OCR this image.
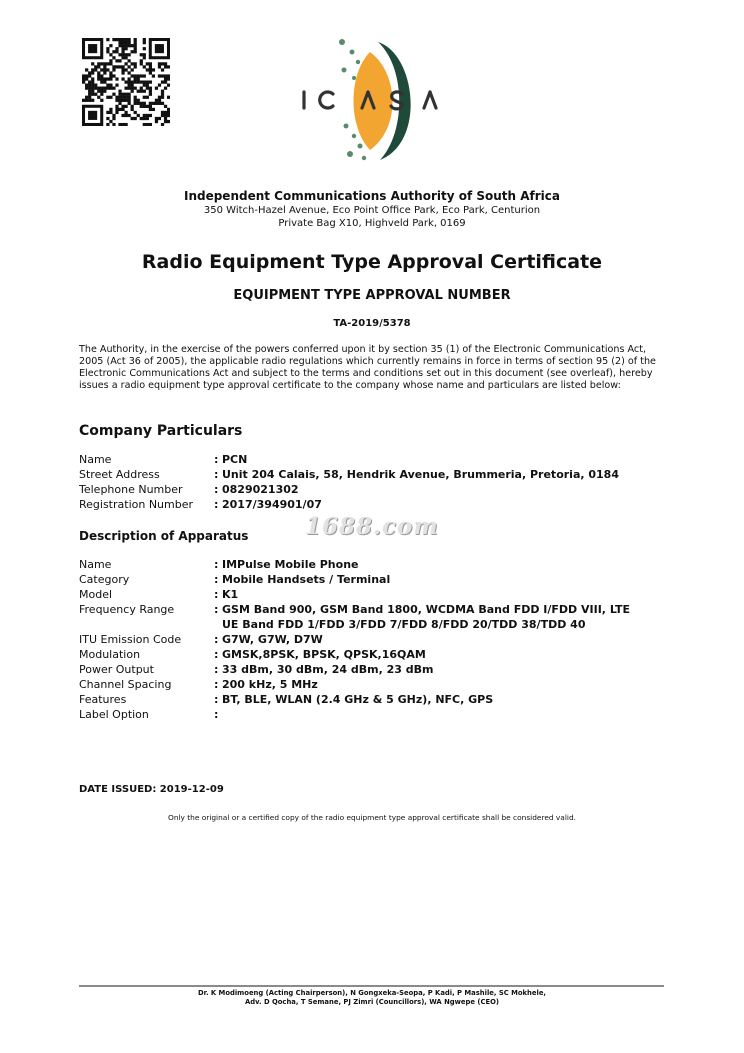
Independent Communications Authority of South Africa
350 Witch-Hazel Avenue, Eco Point Office Park, Eco Park, Centurion
Private Bag X10, Highveld Park, 0169
Radio Equipment Type Approval Certificate
EQUIPMENT TYPE APPROVAL NUMBER
TA-2019/5378
The Authority, in the exercise of the powers conferred upon it by section 35 (1) of the Electronic Communications Act, 2005 (Act 36 of 2005), the applicable radio regulations which currently remains in force in terms of section 95 (2) of the Electronic Communications Act and subject to the terms and conditions set out in this document (see overleaf), hereby issues a radio equipment type approval certificate to the company whose name and particulars are listed below:
Company Particulars
Name	: PCN
Street Address	: Unit 204 Calais, 58, Hendrik Avenue, Brummeria, Pretoria, 0184
Telephone Number	: 0829021302
Registration Number	: 2017/394901/07
1688.com
Description of Apparatus
Name	: IMPulse Mobile Phone
Category	: Mobile Handsets / Terminal
Model	: K1
Frequency Range	: GSM Band 900, GSM Band 1800, WCDMA Band FDD I/FDD VIII, LTE
UE Band FDD 1/FDD 3/FDD 7/FDD 8/FDD 20/TDD 38/TDD 40
ITU Emission Code	: G7W, G7W, D7W
Modulation	: GMSK,8PSK, BPSK, QPSK,16QAM
Power Output	: 33 dBm, 30 dBm, 24 dBm, 23 dBm
Channel Spacing	: 200 kHz, 5 MHz
Features	: BT, BLE, WLAN (2.4 GHz & 5 GHz), NFC, GPS
Label Option	:
DATE ISSUED: 2019-12-09
Only the original or a certified copy of the radio equipment type approval certificate shall be considered valid.
Dr. K Modimoeng (Acting Chairperson), N Gongxeka-Seopa, P Kadi, P Mashile, SC Mokhele,
Adv. D Qocha, T Semane, PJ Zimri (Councillors), WA Ngwepe (CEO)
